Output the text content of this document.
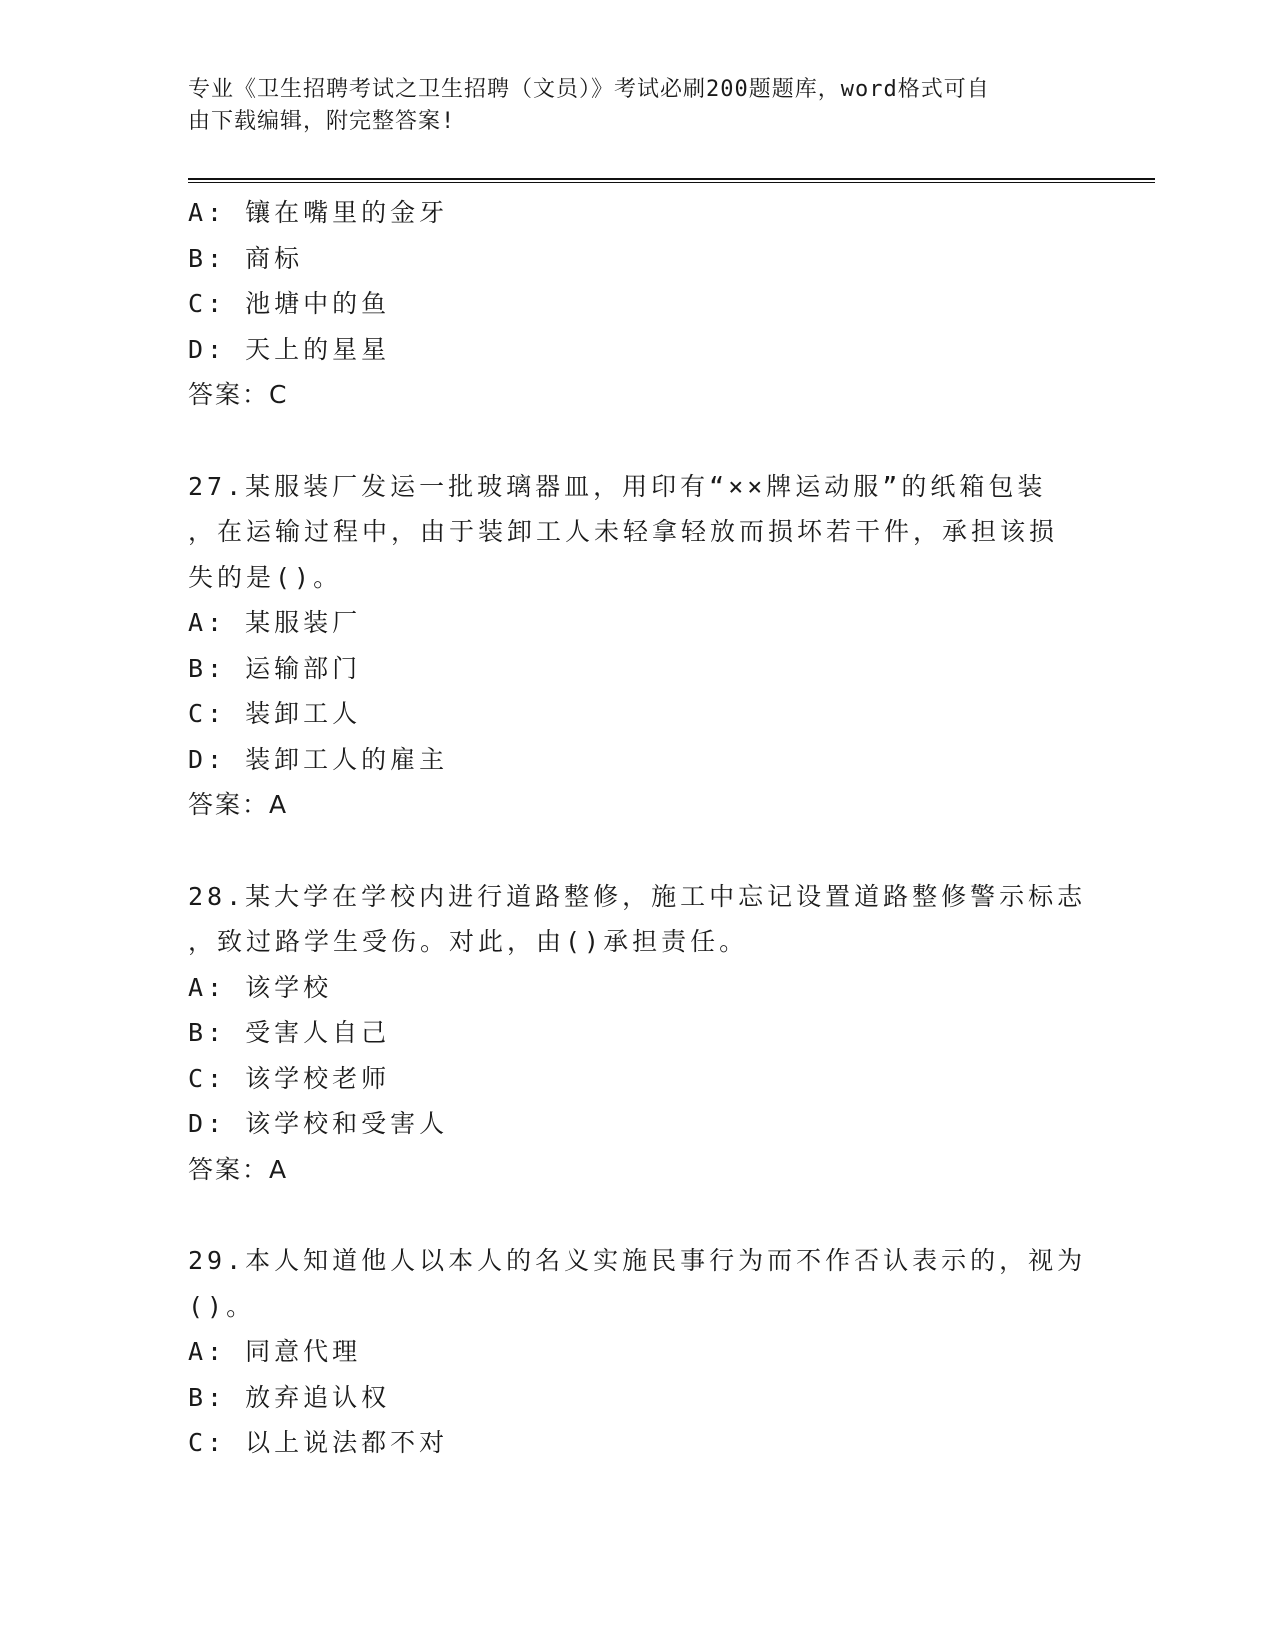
专业《卫生招聘考试之卫生招聘（文员）》考试必刷200题题库，word格式可自
由下载编辑，附完整答案!

A: 镶在嘴里的金牙
B: 商标
C: 池塘中的鱼
D: 天上的星星
答案：C
27.某服装厂发运一批玻璃器皿，用印有“××牌运动服”的纸箱包装
，在运输过程中，由于装卸工人未轻拿轻放而损坏若干件，承担该损
失的是()。
A: 某服装厂
B: 运输部门
C: 装卸工人
D: 装卸工人的雇主
答案：A
28.某大学在学校内进行道路整修，施工中忘记设置道路整修警示标志
，致过路学生受伤。对此，由()承担责任。
A: 该学校
B: 受害人自己
C: 该学校老师
D: 该学校和受害人
答案：A
29.本人知道他人以本人的名义实施民事行为而不作否认表示的，视为
()。
A: 同意代理
B: 放弃追认权
C: 以上说法都不对
